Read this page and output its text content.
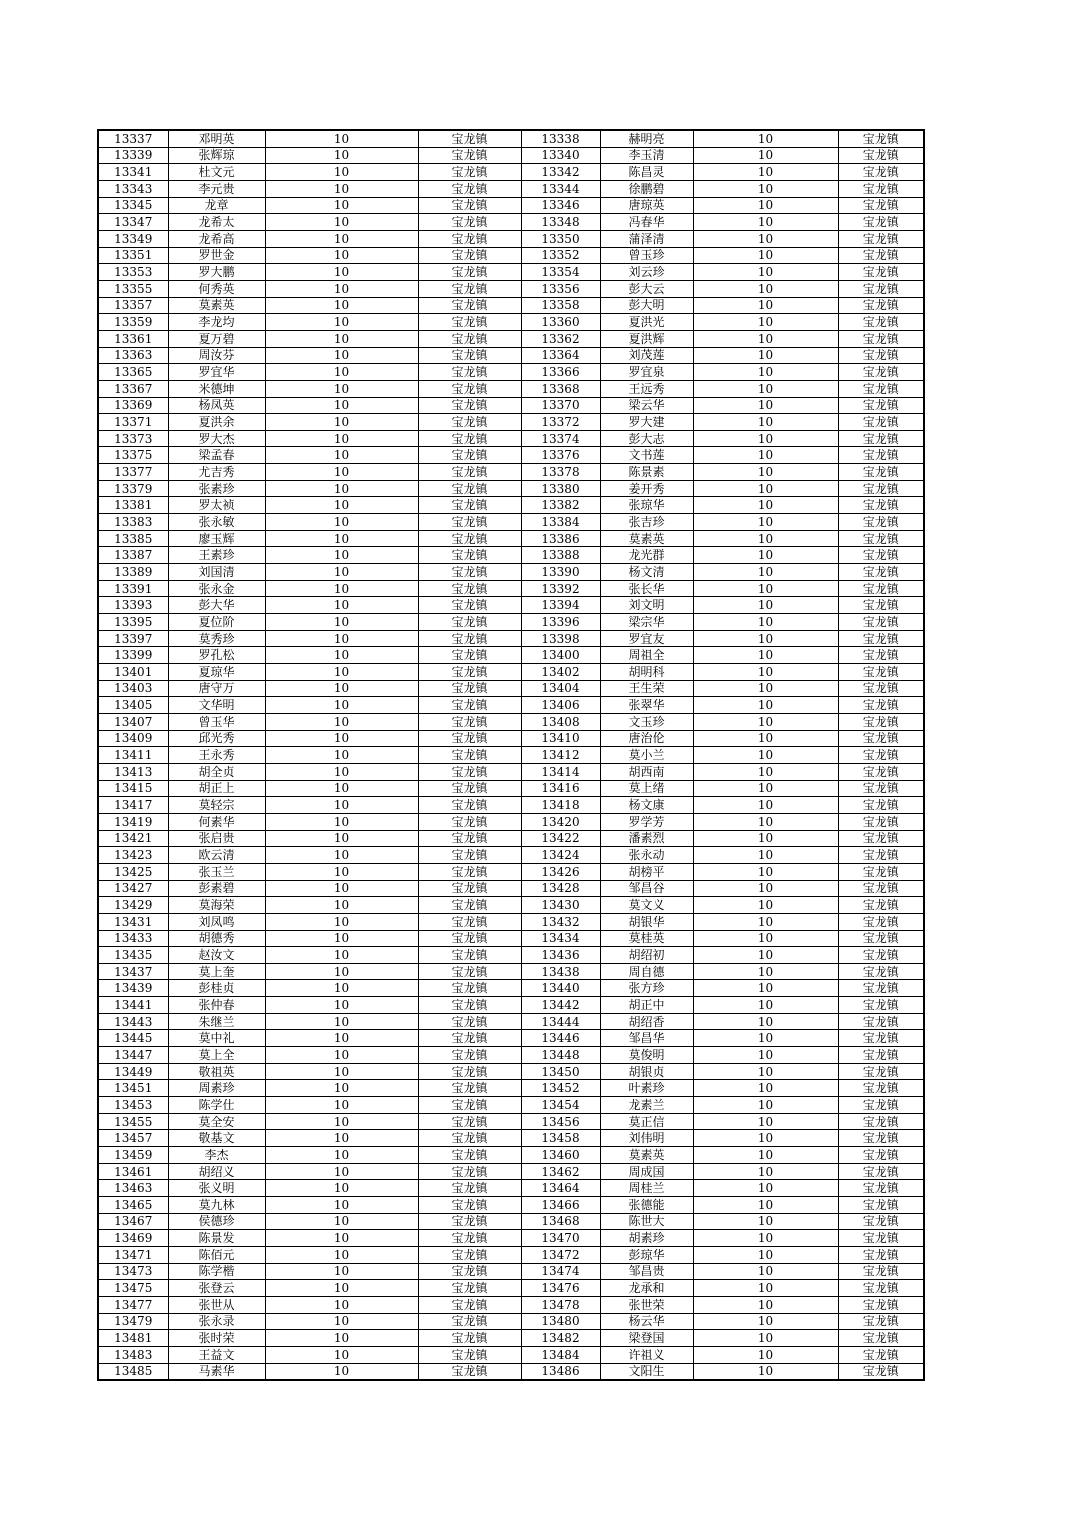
13337	邓明英	10	宝龙镇	13338	赫明亮	10	宝龙镇
13339	张辉琼	10	宝龙镇	13340	李玉清	10	宝龙镇
13341	杜文元	10	宝龙镇	13342	陈昌灵	10	宝龙镇
13343	李元贵	10	宝龙镇	13344	徐鹏碧	10	宝龙镇
13345	龙章	10	宝龙镇	13346	唐琼英	10	宝龙镇
13347	龙希太	10	宝龙镇	13348	冯春华	10	宝龙镇
13349	龙希高	10	宝龙镇	13350	蒲泽清	10	宝龙镇
13351	罗世金	10	宝龙镇	13352	曾玉珍	10	宝龙镇
13353	罗大鹏	10	宝龙镇	13354	刘云珍	10	宝龙镇
13355	何秀英	10	宝龙镇	13356	彭大云	10	宝龙镇
13357	莫素英	10	宝龙镇	13358	彭大明	10	宝龙镇
13359	李龙均	10	宝龙镇	13360	夏洪光	10	宝龙镇
13361	夏万碧	10	宝龙镇	13362	夏洪辉	10	宝龙镇
13363	周汝芬	10	宝龙镇	13364	刘茂莲	10	宝龙镇
13365	罗宜华	10	宝龙镇	13366	罗宜泉	10	宝龙镇
13367	米德坤	10	宝龙镇	13368	王远秀	10	宝龙镇
13369	杨凤英	10	宝龙镇	13370	梁云华	10	宝龙镇
13371	夏洪余	10	宝龙镇	13372	罗大建	10	宝龙镇
13373	罗大杰	10	宝龙镇	13374	彭大志	10	宝龙镇
13375	梁孟春	10	宝龙镇	13376	文书莲	10	宝龙镇
13377	尤吉秀	10	宝龙镇	13378	陈景素	10	宝龙镇
13379	张素珍	10	宝龙镇	13380	姜开秀	10	宝龙镇
13381	罗太祯	10	宝龙镇	13382	张琼华	10	宝龙镇
13383	张永敏	10	宝龙镇	13384	张吉珍	10	宝龙镇
13385	廖玉辉	10	宝龙镇	13386	莫素英	10	宝龙镇
13387	王素珍	10	宝龙镇	13388	龙光群	10	宝龙镇
13389	刘国清	10	宝龙镇	13390	杨文清	10	宝龙镇
13391	张永金	10	宝龙镇	13392	张长华	10	宝龙镇
13393	彭大华	10	宝龙镇	13394	刘文明	10	宝龙镇
13395	夏位阶	10	宝龙镇	13396	梁宗华	10	宝龙镇
13397	莫秀珍	10	宝龙镇	13398	罗宜友	10	宝龙镇
13399	罗孔松	10	宝龙镇	13400	周祖全	10	宝龙镇
13401	夏琼华	10	宝龙镇	13402	胡明科	10	宝龙镇
13403	唐守万	10	宝龙镇	13404	王生荣	10	宝龙镇
13405	文华明	10	宝龙镇	13406	张翠华	10	宝龙镇
13407	曾玉华	10	宝龙镇	13408	文玉珍	10	宝龙镇
13409	邱光秀	10	宝龙镇	13410	唐治伦	10	宝龙镇
13411	王永秀	10	宝龙镇	13412	莫小兰	10	宝龙镇
13413	胡全贞	10	宝龙镇	13414	胡西南	10	宝龙镇
13415	胡正上	10	宝龙镇	13416	莫上绪	10	宝龙镇
13417	莫轻宗	10	宝龙镇	13418	杨文康	10	宝龙镇
13419	何素华	10	宝龙镇	13420	罗学芳	10	宝龙镇
13421	张启贵	10	宝龙镇	13422	潘素烈	10	宝龙镇
13423	欧云清	10	宝龙镇	13424	张永动	10	宝龙镇
13425	张玉兰	10	宝龙镇	13426	胡榜平	10	宝龙镇
13427	彭素碧	10	宝龙镇	13428	邹昌谷	10	宝龙镇
13429	莫海荣	10	宝龙镇	13430	莫文义	10	宝龙镇
13431	刘凤鸣	10	宝龙镇	13432	胡银华	10	宝龙镇
13433	胡德秀	10	宝龙镇	13434	莫桂英	10	宝龙镇
13435	赵汝文	10	宝龙镇	13436	胡绍初	10	宝龙镇
13437	莫上奎	10	宝龙镇	13438	周自德	10	宝龙镇
13439	彭桂贞	10	宝龙镇	13440	张方珍	10	宝龙镇
13441	张仲春	10	宝龙镇	13442	胡正中	10	宝龙镇
13443	朱继兰	10	宝龙镇	13444	胡绍香	10	宝龙镇
13445	莫中礼	10	宝龙镇	13446	邹昌华	10	宝龙镇
13447	莫上全	10	宝龙镇	13448	莫俊明	10	宝龙镇
13449	敬祖英	10	宝龙镇	13450	胡银贞	10	宝龙镇
13451	周素珍	10	宝龙镇	13452	叶素珍	10	宝龙镇
13453	陈学仕	10	宝龙镇	13454	龙素兰	10	宝龙镇
13455	莫全安	10	宝龙镇	13456	莫正信	10	宝龙镇
13457	敬基文	10	宝龙镇	13458	刘伟明	10	宝龙镇
13459	李杰	10	宝龙镇	13460	莫素英	10	宝龙镇
13461	胡绍义	10	宝龙镇	13462	周成国	10	宝龙镇
13463	张义明	10	宝龙镇	13464	周桂兰	10	宝龙镇
13465	莫九林	10	宝龙镇	13466	张德能	10	宝龙镇
13467	侯德珍	10	宝龙镇	13468	陈世大	10	宝龙镇
13469	陈景发	10	宝龙镇	13470	胡素珍	10	宝龙镇
13471	陈佰元	10	宝龙镇	13472	彭琼华	10	宝龙镇
13473	陈学楷	10	宝龙镇	13474	邹昌贵	10	宝龙镇
13475	张登云	10	宝龙镇	13476	龙承和	10	宝龙镇
13477	张世从	10	宝龙镇	13478	张世荣	10	宝龙镇
13479	张永录	10	宝龙镇	13480	杨云华	10	宝龙镇
13481	张时荣	10	宝龙镇	13482	梁登国	10	宝龙镇
13483	王益文	10	宝龙镇	13484	许祖义	10	宝龙镇
13485	马素华	10	宝龙镇	13486	文阳生	10	宝龙镇
